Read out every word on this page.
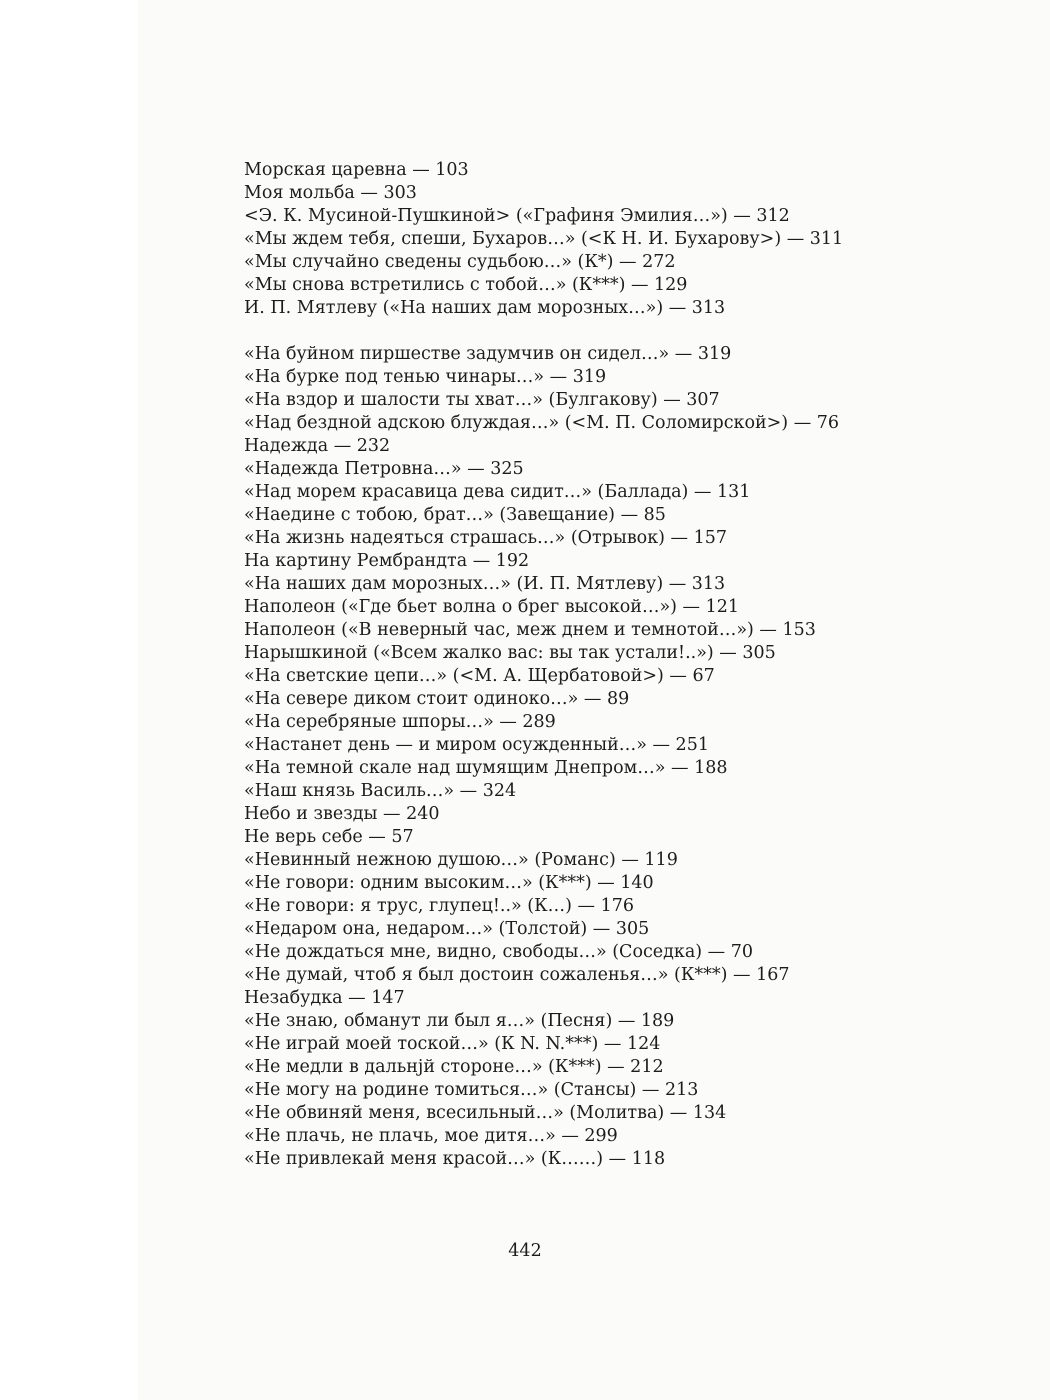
Морская царевна — 103
Моя мольба — 303
<Э. К. Мусиной-Пушкиной> («Графиня Эмилия…») — 312
«Мы ждем тебя, спеши, Бухаров…» (<К Н. И. Бухарову>) — 311
«Мы случайно сведены судьбою…» (К*) — 272
«Мы снова встретились с тобой…» (К***) — 129
И. П. Мятлеву («На наших дам морозных…») — 313
«На буйном пиршестве задумчив он сидел…» — 319
«На бурке под тенью чинары…» — 319
«На вздор и шалости ты хват…» (Булгакову) — 307
«Над бездной адскою блуждая…» (<М. П. Соломирской>) — 76
Надежда — 232
«Надежда Петровна…» — 325
«Над морем красавица дева сидит…» (Баллада) — 131
«Наедине с тобою, брат…» (Завещание) — 85
«На жизнь надеяться страшась…» (Отрывок) — 157
На картину Рембрандта — 192
«На наших дам морозных…» (И. П. Мятлеву) — 313
Наполеон («Где бьет волна о брег высокой…») — 121
Наполеон («В неверный час, меж днем и темнотой…») — 153
Нарышкиной («Всем жалко вас: вы так устали!..») — 305
«На светские цепи…» (<М. А. Щербатовой>) — 67
«На севере диком стоит одиноко…» — 89
«На серебряные шпоры…» — 289
«Настанет день — и миром осужденный…» — 251
«На темной скале над шумящим Днепром…» — 188
«Наш князь Василь…» — 324
Небо и звезды — 240
Не верь себе — 57
«Невинный нежною душою…» (Романс) — 119
«Не говори: одним высоким…» (К***) — 140
«Не говори: я трус, глупец!..» (К…) — 176
«Недаром она, недаром…» (Толстой) — 305
«Не дождаться мне, видно, свободы…» (Соседка) — 70
«Не думай, чтоб я был достоин сожаленья…» (К***) — 167
Незабудка — 147
«Не знаю, обманут ли был я…» (Песня) — 189
«Не играй моей тоской…» (К N. N.***) — 124
«Не медли в дальнјй стороне…» (К***) — 212
«Не могу на родине томиться…» (Стансы) — 213
«Не обвиняй меня, всесильный…» (Молитва) — 134
«Не плачь, не плачь, мое дитя…» — 299
«Не привлекай меня красой…» (К……) — 118
442
